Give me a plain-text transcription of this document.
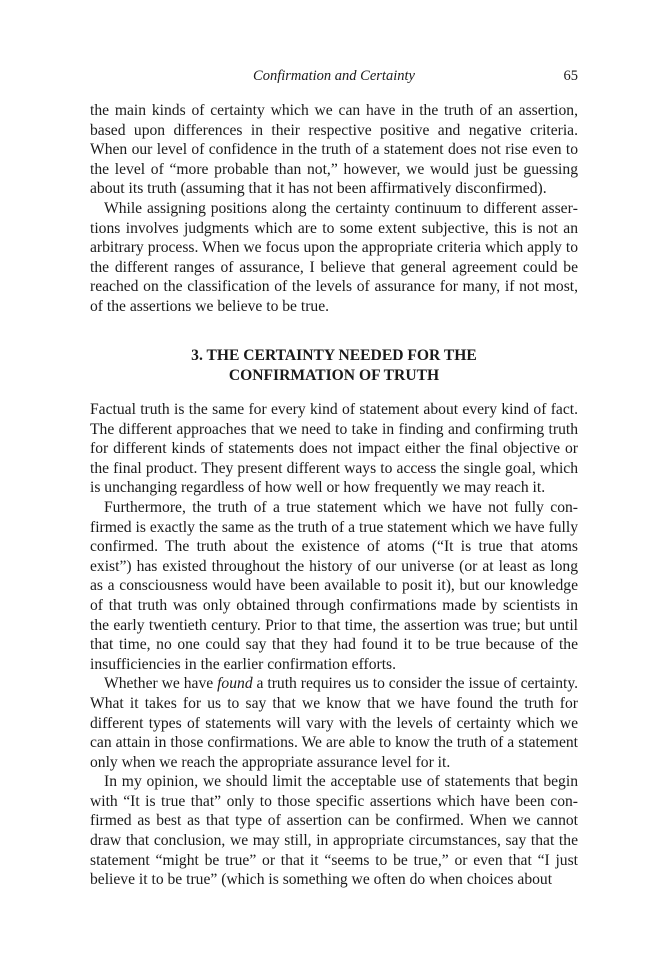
Confirmation and Certainty	65

the main kinds of certainty which we can have in the truth of an assertion, based upon differences in their respective positive and negative criteria. When our level of confidence in the truth of a statement does not rise even to the level of “more probable than not,” however, we would just be guessing about its truth (assuming that it has not been affirmatively disconfirmed).

While assigning positions along the certainty continuum to different assertions involves judgments which are to some extent subjective, this is not an arbitrary process. When we focus upon the appropriate criteria which apply to the different ranges of assurance, I believe that general agreement could be reached on the classification of the levels of assurance for many, if not most, of the assertions we believe to be true.

3. THE CERTAINTY NEEDED FOR THE
CONFIRMATION OF TRUTH

Factual truth is the same for every kind of statement about every kind of fact. The different approaches that we need to take in finding and confirming truth for different kinds of statements does not impact either the final objective or the final product. They present different ways to access the single goal, which is unchanging regardless of how well or how frequently we may reach it.

Furthermore, the truth of a true statement which we have not fully confirmed is exactly the same as the truth of a true statement which we have fully confirmed. The truth about the existence of atoms (“It is true that atoms exist”) has existed throughout the history of our universe (or at least as long as a consciousness would have been available to posit it), but our knowledge of that truth was only obtained through confirmations made by scientists in the early twentieth century. Prior to that time, the assertion was true; but until that time, no one could say that they had found it to be true because of the insufficiencies in the earlier confirmation efforts.

Whether we have found a truth requires us to consider the issue of certainty. What it takes for us to say that we know that we have found the truth for different types of statements will vary with the levels of certainty which we can attain in those confirmations. We are able to know the truth of a statement only when we reach the appropriate assurance level for it.

In my opinion, we should limit the acceptable use of statements that begin with “It is true that” only to those specific assertions which have been confirmed as best as that type of assertion can be confirmed. When we cannot draw that conclusion, we may still, in appropriate circumstances, say that the statement “might be true” or that it “seems to be true,” or even that “I just believe it to be true” (which is something we often do when choices about
